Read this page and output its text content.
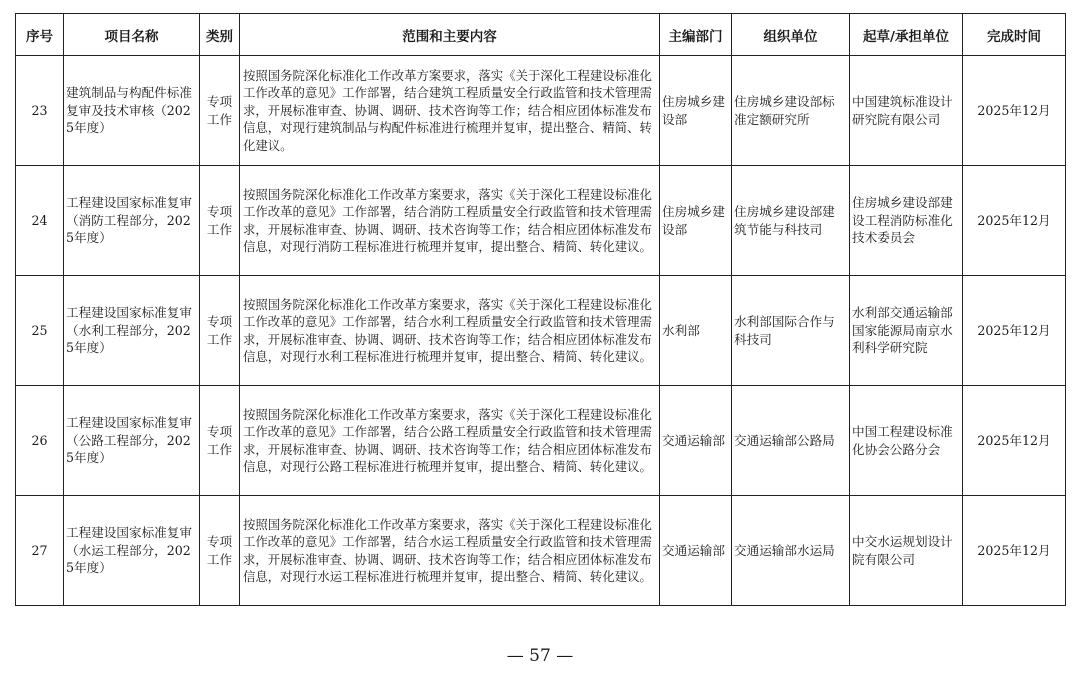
序号	项目名称	类别	范围和主要内容	主编部门	组织单位	起草/承担单位	完成时间
23	建筑制品与构配件标准复审及技术审核（2025年度）	专项工作	按照国务院深化标准化工作改革方案要求，落实《关于深化工程建设标准化工作改革的意见》工作部署，结合建筑工程质量安全行政监管和技术管理需求，开展标准审查、协调、调研、技术咨询等工作；结合相应团体标准发布信息，对现行建筑制品与构配件标准进行梳理并复审，提出整合、精简、转化建议。	住房城乡建设部	住房城乡建设部标准定额研究所	中国建筑标准设计研究院有限公司	2025年12月
24	工程建设国家标准复审（消防工程部分，2025年度）	专项工作	按照国务院深化标准化工作改革方案要求，落实《关于深化工程建设标准化工作改革的意见》工作部署，结合消防工程质量安全行政监管和技术管理需求，开展标准审查、协调、调研、技术咨询等工作；结合相应团体标准发布信息，对现行消防工程标准进行梳理并复审，提出整合、精简、转化建议。	住房城乡建设部	住房城乡建设部建筑节能与科技司	住房城乡建设部建设工程消防标准化技术委员会	2025年12月
25	工程建设国家标准复审（水利工程部分，2025年度）	专项工作	按照国务院深化标准化工作改革方案要求，落实《关于深化工程建设标准化工作改革的意见》工作部署，结合水利工程质量安全行政监管和技术管理需求，开展标准审查、协调、调研、技术咨询等工作；结合相应团体标准发布信息，对现行水利工程标准进行梳理并复审，提出整合、精简、转化建议。	水利部	水利部国际合作与科技司	水利部交通运输部国家能源局南京水利科学研究院	2025年12月
26	工程建设国家标准复审（公路工程部分，2025年度）	专项工作	按照国务院深化标准化工作改革方案要求，落实《关于深化工程建设标准化工作改革的意见》工作部署，结合公路工程质量安全行政监管和技术管理需求，开展标准审查、协调、调研、技术咨询等工作；结合相应团体标准发布信息，对现行公路工程标准进行梳理并复审，提出整合、精简、转化建议。	交通运输部	交通运输部公路局	中国工程建设标准化协会公路分会	2025年12月
27	工程建设国家标准复审（水运工程部分，2025年度）	专项工作	按照国务院深化标准化工作改革方案要求，落实《关于深化工程建设标准化工作改革的意见》工作部署，结合水运工程质量安全行政监管和技术管理需求，开展标准审查、协调、调研、技术咨询等工作；结合相应团体标准发布信息，对现行水运工程标准进行梳理并复审，提出整合、精简、转化建议。	交通运输部	交通运输部水运局	中交水运规划设计院有限公司	2025年12月
— 57 —
